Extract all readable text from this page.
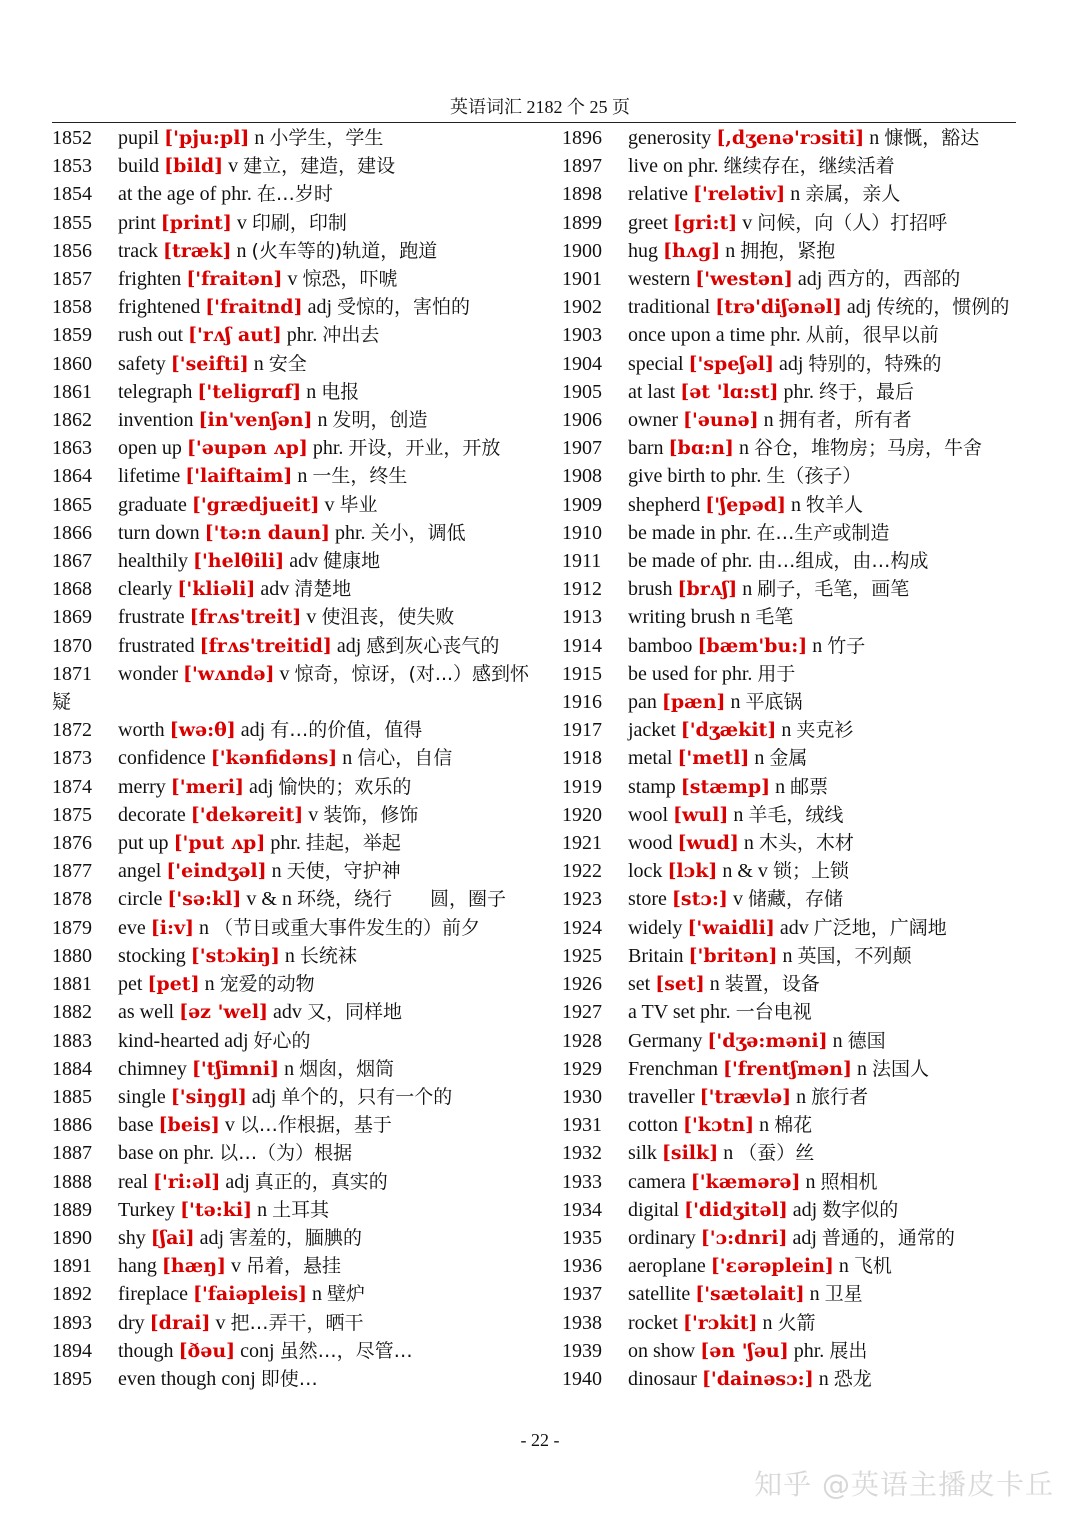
英语词汇 2182 个 25 页
1852 pupil ['pju:pl] n 小学生，学生
1853 build [bild] v 建立，建造，建设
1854 at the age of phr. 在…岁时
1855 print [print] v 印刷，印制
1856 track [træk] n (火车等的)轨道，跑道
1857 frighten ['fraitən] v 惊恐，吓唬
1858 frightened ['fraitnd] adj 受惊的，害怕的
1859 rush out ['rʌʃ aut] phr. 冲出去
1860 safety ['seifti] n 安全
1861 telegraph ['teligrɑf] n 电报
1862 invention [in'venʃən] n 发明，创造
1863 open up ['əupən ʌp] phr. 开设，开业，开放
1864 lifetime ['laiftaim] n 一生，终生
1865 graduate ['grædjueit] v 毕业
1866 turn down ['tə:n daun] phr. 关小，调低
1867 healthily ['helθili] adv 健康地
1868 clearly ['kliəli] adv 清楚地
1869 frustrate [frʌs'treit] v 使沮丧，使失败
1870 frustrated [frʌs'treitid] adj 感到灰心丧气的
1871 wonder ['wʌndə] v 惊奇，惊讶，(对...）感到怀疑
1872 worth [wə:θ] adj 有…的价值，值得
1873 confidence ['kənfidəns] n 信心，自信
1874 merry ['meri] adj 愉快的；欢乐的
1875 decorate ['dekəreit] v 装饰，修饰
1876 put up ['put ʌp] phr. 挂起，举起
1877 angel ['eindʒəl] n 天使，守护神
1878 circle ['sə:kl] v & n 环绕，绕行　　圆，圈子
1879 eve [i:v] n （节日或重大事件发生的）前夕
1880 stocking ['stɔkiŋ] n 长统袜
1881 pet [pet] n 宠爱的动物
1882 as well [əz 'wel] adv 又，同样地
1883 kind-hearted adj 好心的
1884 chimney ['tʃimni] n 烟囱，烟筒
1885 single ['siŋgl] adj 单个的，只有一个的
1886 base [beis] v 以…作根据，基于
1887 base on phr. 以…（为）根据
1888 real ['ri:əl] adj 真正的，真实的
1889 Turkey ['tə:ki] n 土耳其
1890 shy [ʃai] adj 害羞的，腼腆的
1891 hang [hæŋ] v 吊着，悬挂
1892 fireplace ['faiəpleis] n 壁炉
1893 dry [drai] v 把…弄干，晒干
1894 though [ðəu] conj 虽然…，尽管…
1895 even though conj 即使…
1896 generosity [,dʒenə'rɔsiti] n 慷慨，豁达
1897 live on phr. 继续存在，继续活着
1898 relative ['relətiv] n 亲属，亲人
1899 greet [gri:t] v 问候，向（人）打招呼
1900 hug [hʌg] n 拥抱，紧抱
1901 western ['westən] adj 西方的，西部的
1902 traditional [trə'diʃənəl] adj 传统的，惯例的
1903 once upon a time phr. 从前，很早以前
1904 special ['speʃəl] adj 特别的，特殊的
1905 at last [ət 'lɑ:st] phr. 终于，最后
1906 owner ['əunə] n 拥有者，所有者
1907 barn [bɑ:n] n 谷仓，堆物房；马房，牛舍
1908 give birth to phr. 生（孩子）
1909 shepherd ['ʃepəd] n 牧羊人
1910 be made in phr. 在…生产或制造
1911 be made of phr. 由…组成，由…构成
1912 brush [brʌʃ] n 刷子，毛笔，画笔
1913 writing brush n 毛笔
1914 bamboo [bæm'bu:] n 竹子
1915 be used for phr. 用于
1916 pan [pæn] n 平底锅
1917 jacket ['dʒækit] n 夹克衫
1918 metal ['metl] n 金属
1919 stamp [stæmp] n 邮票
1920 wool [wul] n 羊毛，绒线
1921 wood [wud] n 木头，木材
1922 lock [lɔk] n & v 锁；上锁
1923 store [stɔ:] v 储藏，存储
1924 widely ['waidli] adv 广泛地，广阔地
1925 Britain ['britən] n 英国，不列颠
1926 set [set] n 装置，设备
1927 a TV set phr. 一台电视
1928 Germany ['dʒə:məni] n 德国
1929 Frenchman ['frentʃmən] n 法国人
1930 traveller ['trævlə] n 旅行者
1931 cotton ['kɔtn] n 棉花
1932 silk [silk] n （蚕）丝
1933 camera ['kæmərə] n 照相机
1934 digital ['didʒitəl] adj 数字似的
1935 ordinary ['ɔ:dnri] adj 普通的，通常的
1936 aeroplane ['εərəplein] n 飞机
1937 satellite ['sætəlait] n 卫星
1938 rocket ['rɔkit] n 火箭
1939 on show [ən 'ʃəu] phr. 展出
1940 dinosaur ['dainəsɔ:] n 恐龙
- 22 -
知乎 @英语主播皮卡丘
